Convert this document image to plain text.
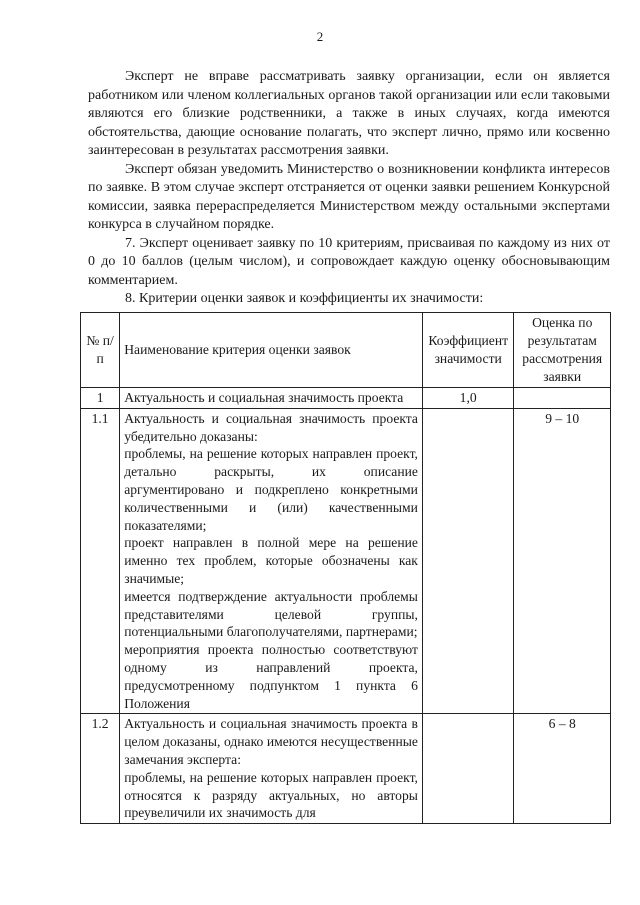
2

Эксперт не вправе рассматривать заявку организации, если он является работником или членом коллегиальных органов такой организации или если таковыми являются его близкие родственники, а также в иных случаях, когда имеются обстоятельства, дающие основание полагать, что эксперт лично, прямо или косвенно заинтересован в результатах рассмотрения заявки.

Эксперт обязан уведомить Министерство о возникновении конфликта интересов по заявке. В этом случае эксперт отстраняется от оценки заявки решением Конкурсной комиссии, заявка перераспределяется Министерством между остальными экспертами конкурса в случайном порядке.

7. Эксперт оценивает заявку по 10 критериям, присваивая по каждому из них от 0 до 10 баллов (целым числом), и сопровождает каждую оценку обосновывающим комментарием.

8. Критерии оценки заявок и коэффициенты их значимости:

№ п/п	Наименование критерия оценки заявок	Коэффициент значимости	Оценка по результатам рассмотрения заявки
1	Актуальность и социальная значимость проекта	1,0	
1.1	Актуальность и социальная значимость проекта убедительно доказаны:
проблемы, на решение которых направлен проект, детально раскрыты, их описание аргументировано и подкреплено конкретными количественными и (или) качественными показателями;
проект направлен в полной мере на решение именно тех проблем, которые обозначены как значимые;
имеется подтверждение актуальности проблемы представителями целевой группы, потенциальными благополучателями, партнерами;
мероприятия проекта полностью соответствуют одному из направлений проекта, предусмотренному подпунктом 1 пункта 6 Положения		9 – 10
1.2	Актуальность и социальная значимость проекта в целом доказаны, однако имеются несущественные замечания эксперта:
проблемы, на решение которых направлен проект, относятся к разряду актуальных, но авторы преувеличили их значимость для		6 – 8
